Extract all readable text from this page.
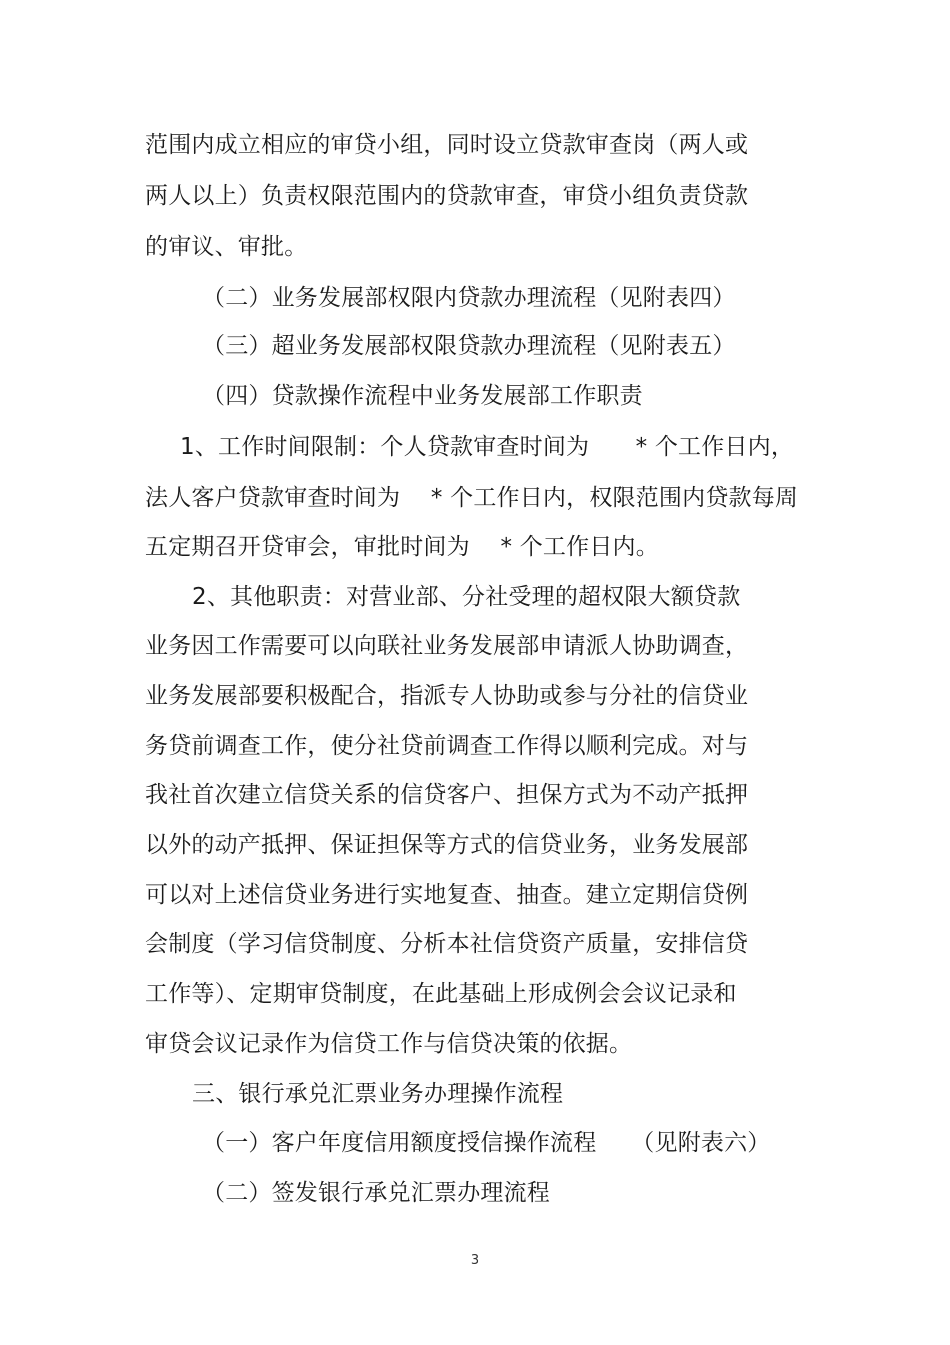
范围内成立相应的审贷小组，同时设立贷款审查岗（两人或
两人以上）负责权限范围内的贷款审查，审贷小组负责贷款
的审议、审批。
（二）业务发展部权限内贷款办理流程（见附表四）
（三）超业务发展部权限贷款办理流程（见附表五）
（四）贷款操作流程中业务发展部工作职责
1、工作时间限制：个人贷款审查时间为　　* 个工作日内，
法人客户贷款审查时间为　 * 个工作日内，权限范围内贷款每周
五定期召开贷审会，审批时间为　 * 个工作日内。
2、其他职责：对营业部、分社受理的超权限大额贷款
业务因工作需要可以向联社业务发展部申请派人协助调查，
业务发展部要积极配合，指派专人协助或参与分社的信贷业
务贷前调查工作，使分社贷前调查工作得以顺利完成。对与
我社首次建立信贷关系的信贷客户、担保方式为不动产抵押
以外的动产抵押、保证担保等方式的信贷业务，业务发展部
可以对上述信贷业务进行实地复查、抽查。建立定期信贷例
会制度（学习信贷制度、分析本社信贷资产质量，安排信贷
工作等）、定期审贷制度，在此基础上形成例会会议记录和
审贷会议记录作为信贷工作与信贷决策的依据。
三、银行承兑汇票业务办理操作流程
（一）客户年度信用额度授信操作流程　　（见附表六）
（二）签发银行承兑汇票办理流程
3
